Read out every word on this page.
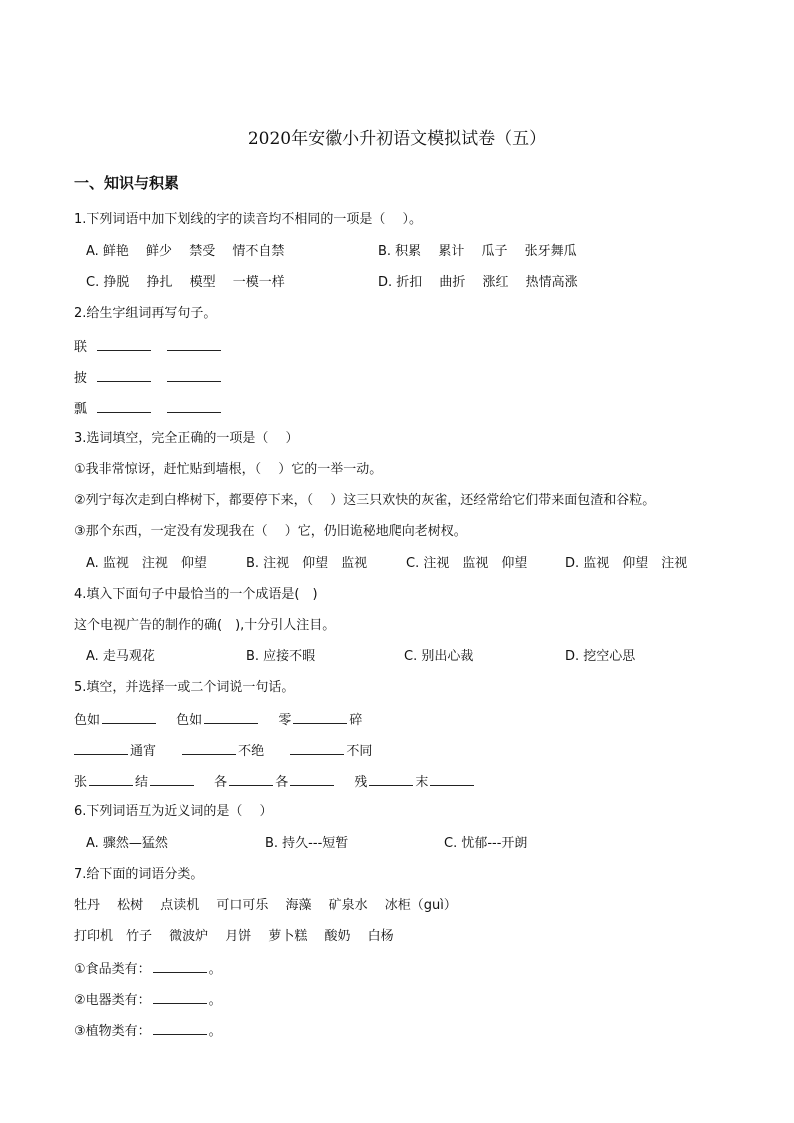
2020年安徽小升初语文模拟试卷（五）
一、知识与积累
1.下列词语中加下划线的字的读音均不相同的一项是（　 ）。
A. 鲜艳　 鲜少　 禁受　 情不自禁	B. 积累　 累计　 瓜子　 张牙舞瓜
C. 挣脱　 挣扎　 模型　 一模一样	D. 折扣　 曲折　 涨红　 热情高涨
2.给生字组词再写句子。
联
披
瓢
3.选词填空，完全正确的一项是（　 ）
①我非常惊讶，赶忙贴到墙根，（　 ）它的一举一动。
②列宁每次走到白桦树下，都要停下来，（　 ）这三只欢快的灰雀，还经常给它们带来面包渣和谷粒。
③那个东西，一定没有发现我在（　 ）它，仍旧诡秘地爬向老树杈。
A. 监视　注视　仰望	B. 注视　仰望　监视	C. 注视　监视　仰望	D. 监视　仰望　注视
4.填入下面句子中最恰当的一个成语是(　)
这个电视广告的制作的确(　),十分引人注目。
A. 走马观花	B. 应接不暇	C. 别出心裁	D. 挖空心思
5.填空，并选择一或二个词说一句话。
色如	色如	零	碎
通宵	不绝	不同
张	结	各	各	残	末
6.下列词语互为近义词的是（　 ）
A. 骤然—猛然	B. 持久---短暂	C. 忧郁---开朗
7.给下面的词语分类。
牡丹　 松树　 点读机　 可口可乐　 海藻　 矿泉水　 冰柜（guì）
打印机　竹子　 微波炉　 月饼　 萝卜糕　 酸奶　 白杨
①食品类有：	。
②电器类有：	。
③植物类有：	。
